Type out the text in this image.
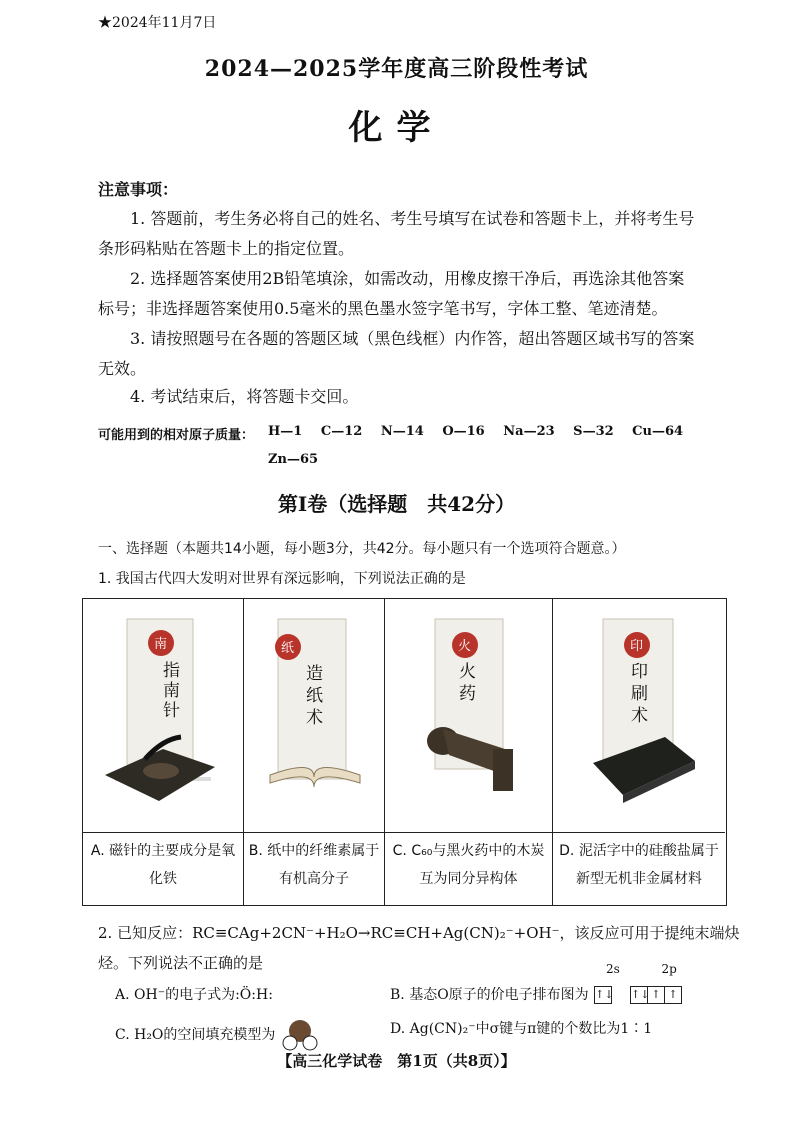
★2024年11月7日
2024—2025学年度高三阶段性考试
化学
注意事项：
1. 答题前，考生务必将自己的姓名、考生号填写在试卷和答题卡上，并将考生号条形码粘贴在答题卡上的指定位置。
2. 选择题答案使用2B铅笔填涂，如需改动，用橡皮擦干净后，再选涂其他答案标号；非选择题答案使用0.5毫米的黑色墨水签字笔书写，字体工整、笔迹清楚。
3. 请按照题号在各题的答题区域（黑色线框）内作答，超出答题区域书写的答案无效。
4. 考试结束后，将答题卡交回。
可能用到的相对原子质量： H—1 C—12 N—14 O—16 Na—23 S—32 Cu—64
Zn—65
第Ⅰ卷（选择题　共42分）
一、选择题（本题共14小题，每小题3分，共42分。每小题只有一个选项符合题意。）
1. 我国古代四大发明对世界有深远影响，下列说法正确的是
南
指南针
A. 磁针的主要成分是氧化铁
纸
造纸术
B. 纸中的纤维素属于有机高分子
火
火药
C. C₆₀与黑火药中的木炭互为同分异构体
印
印刷术
D. 泥活字中的硅酸盐属于新型无机非金属材料
2. 已知反应：RC≡CAg+2CN⁻+H₂O→RC≡CH+Ag(CN)₂⁻+OH⁻，该反应可用于提纯末端炔
烃。下列说法不正确的是	2s	2p
A. OH⁻的电子式为:Ö:H:	B. 基态O原子的价电子排布图为 ↑↓ ↑↓ ↑ ↑
C. H₂O的空间填充模型为	D. Ag(CN)₂⁻中σ键与π键的个数比为1∶1
【高三化学试卷　第1页（共8页）】
